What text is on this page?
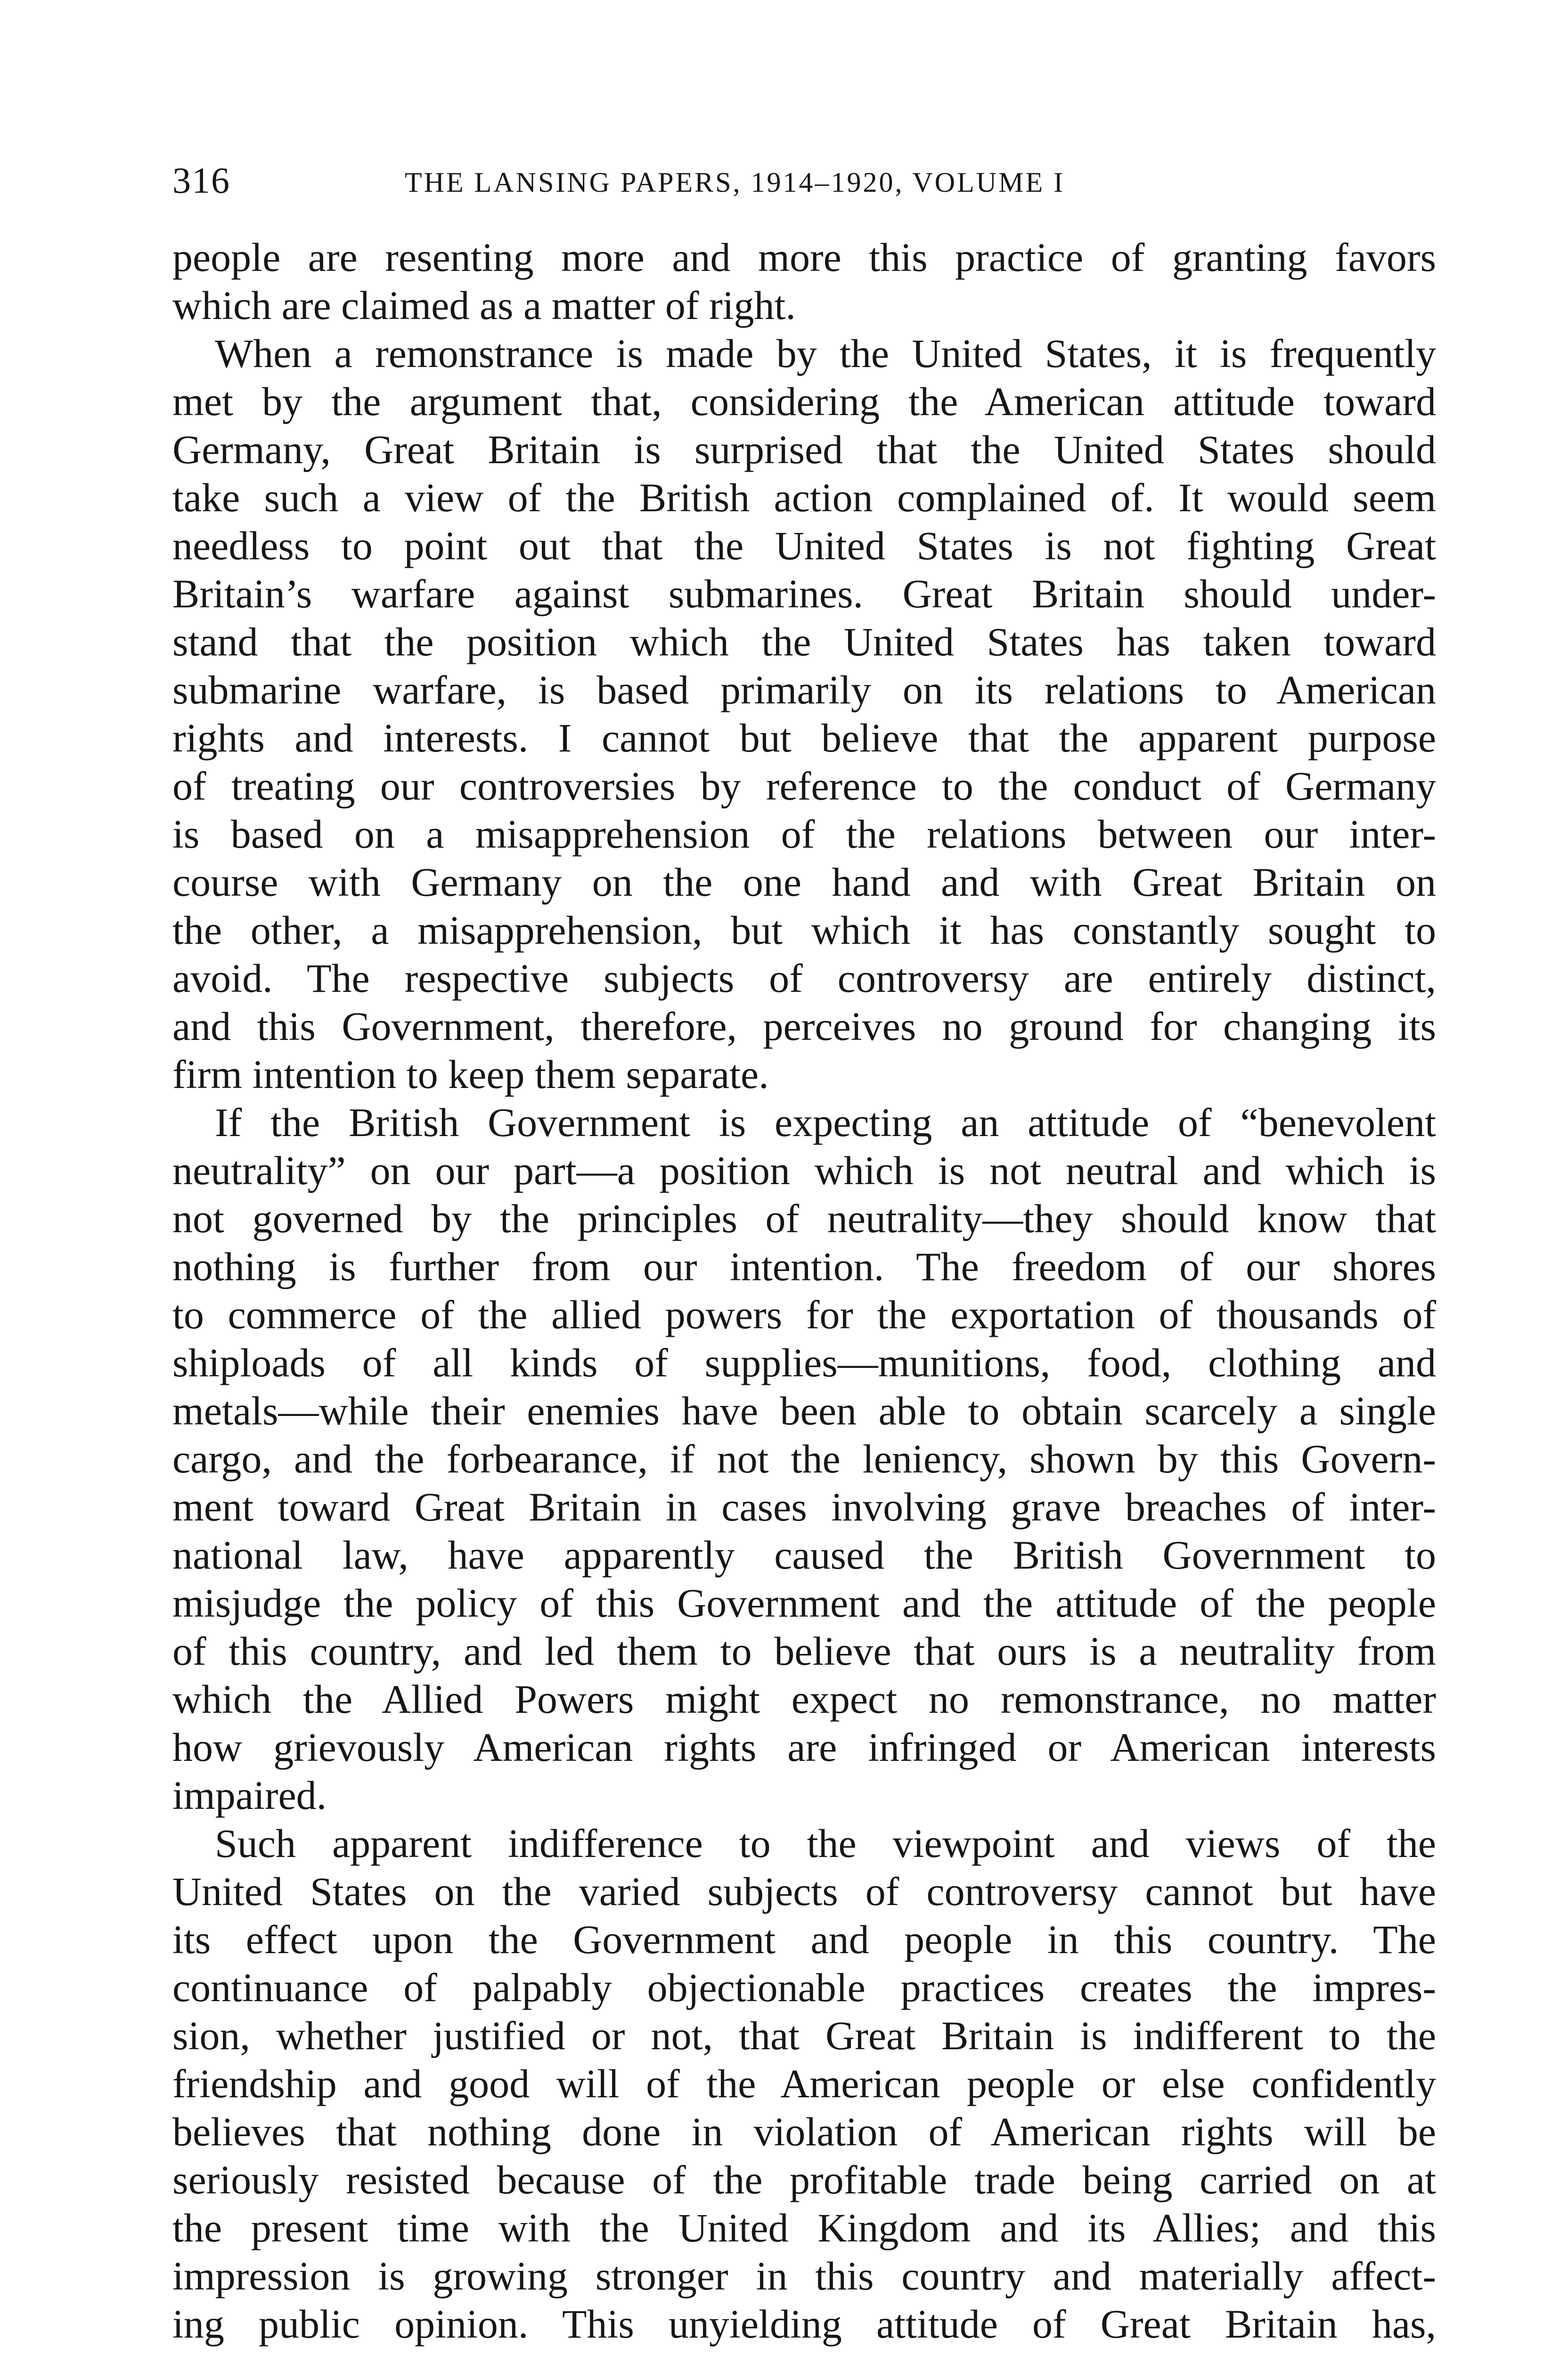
316	THE LANSING PAPERS, 1914–1920, VOLUME I
people are resenting more and more this practice of granting favors
which are claimed as a matter of right.
When a remonstrance is made by the United States, it is frequently
met by the argument that, considering the American attitude toward
Germany, Great Britain is surprised that the United States should
take such a view of the British action complained of. It would seem
needless to point out that the United States is not fighting Great
Britain’s warfare against submarines. Great Britain should under-
stand that the position which the United States has taken toward
submarine warfare, is based primarily on its relations to American
rights and interests. I cannot but believe that the apparent purpose
of treating our controversies by reference to the conduct of Germany
is based on a misapprehension of the relations between our inter-
course with Germany on the one hand and with Great Britain on
the other, a misapprehension, but which it has constantly sought to
avoid. The respective subjects of controversy are entirely distinct,
and this Government, therefore, perceives no ground for changing its
firm intention to keep them separate.
If the British Government is expecting an attitude of “benevolent
neutrality” on our part—a position which is not neutral and which is
not governed by the principles of neutrality—they should know that
nothing is further from our intention. The freedom of our shores
to commerce of the allied powers for the exportation of thousands of
shiploads of all kinds of supplies—munitions, food, clothing and
metals—while their enemies have been able to obtain scarcely a single
cargo, and the forbearance, if not the leniency, shown by this Govern-
ment toward Great Britain in cases involving grave breaches of inter-
national law, have apparently caused the British Government to
misjudge the policy of this Government and the attitude of the people
of this country, and led them to believe that ours is a neutrality from
which the Allied Powers might expect no remonstrance, no matter
how grievously American rights are infringed or American interests
impaired.
Such apparent indifference to the viewpoint and views of the
United States on the varied subjects of controversy cannot but have
its effect upon the Government and people in this country. The
continuance of palpably objectionable practices creates the impres-
sion, whether justified or not, that Great Britain is indifferent to the
friendship and good will of the American people or else confidently
believes that nothing done in violation of American rights will be
seriously resisted because of the profitable trade being carried on at
the present time with the United Kingdom and its Allies; and this
impression is growing stronger in this country and materially affect-
ing public opinion. This unyielding attitude of Great Britain has,
